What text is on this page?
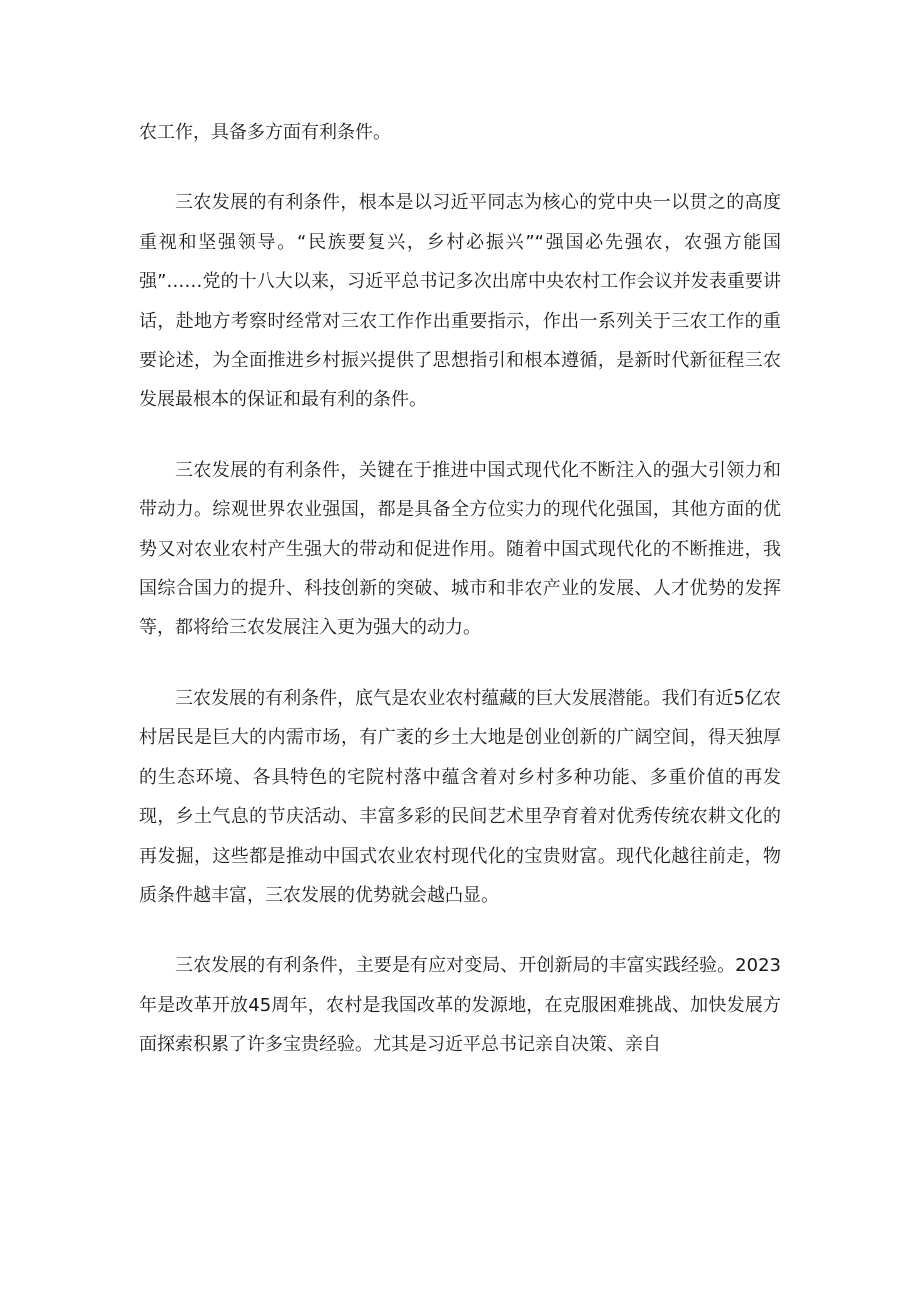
农工作，具备多方面有利条件。

三农发展的有利条件，根本是以习近平同志为核心的党中央一以贯之的高度重视和坚强领导。“民族要复兴，乡村必振兴”“强国必先强农，农强方能国强”……党的十八大以来，习近平总书记多次出席中央农村工作会议并发表重要讲话，赴地方考察时经常对三农工作作出重要指示，作出一系列关于三农工作的重要论述，为全面推进乡村振兴提供了思想指引和根本遵循，是新时代新征程三农发展最根本的保证和最有利的条件。

三农发展的有利条件，关键在于推进中国式现代化不断注入的强大引领力和带动力。综观世界农业强国，都是具备全方位实力的现代化强国，其他方面的优势又对农业农村产生强大的带动和促进作用。随着中国式现代化的不断推进，我国综合国力的提升、科技创新的突破、城市和非农产业的发展、人才优势的发挥等，都将给三农发展注入更为强大的动力。

三农发展的有利条件，底气是农业农村蕴藏的巨大发展潜能。我们有近5亿农村居民是巨大的内需市场，有广袤的乡土大地是创业创新的广阔空间，得天独厚的生态环境、各具特色的宅院村落中蕴含着对乡村多种功能、多重价值的再发现，乡土气息的节庆活动、丰富多彩的民间艺术里孕育着对优秀传统农耕文化的再发掘，这些都是推动中国式农业农村现代化的宝贵财富。现代化越往前走，物质条件越丰富，三农发展的优势就会越凸显。

三农发展的有利条件，主要是有应对变局、开创新局的丰富实践经验。2023年是改革开放45周年，农村是我国改革的发源地，在克服困难挑战、加快发展方面探索积累了许多宝贵经验。尤其是习近平总书记亲自决策、亲自
